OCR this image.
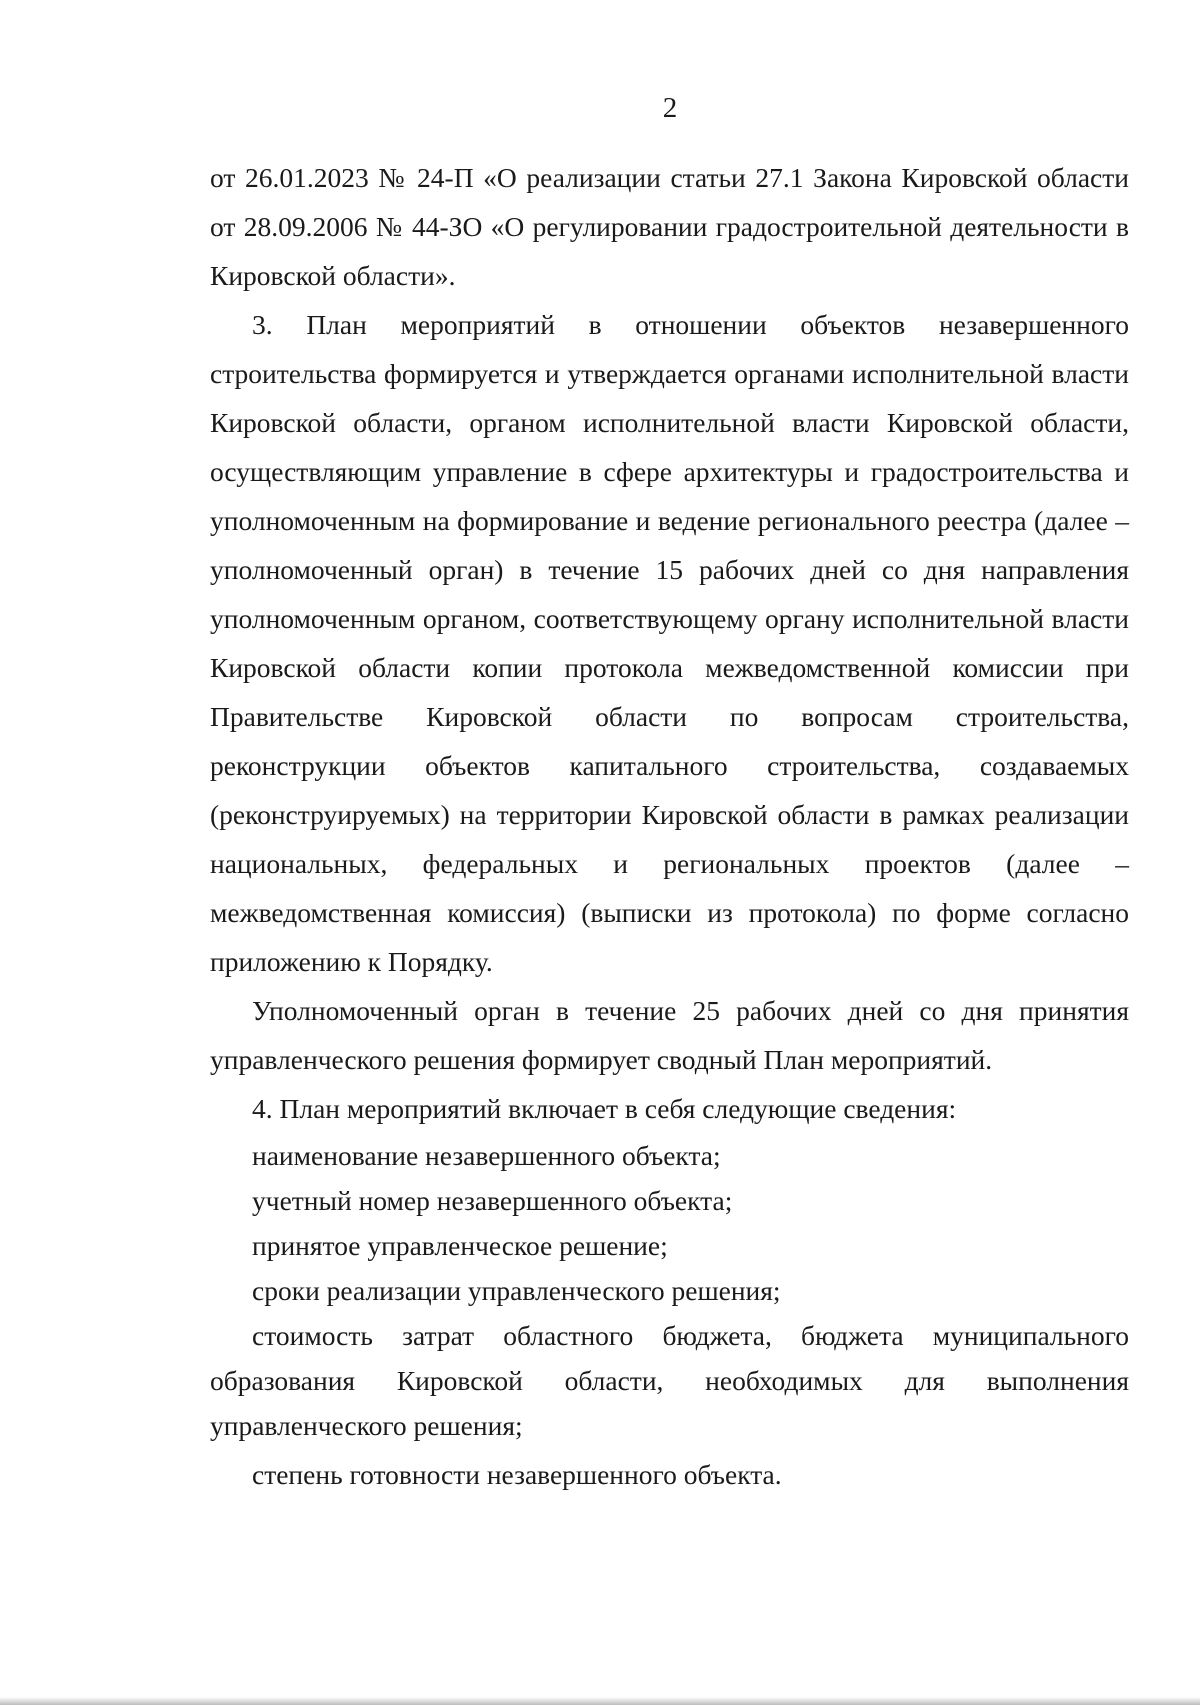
2

от 26.01.2023 № 24-П «О реализации статьи 27.1 Закона Кировской области от 28.09.2006 № 44-ЗО «О регулировании градостроительной деятельности в Кировской области».

3. План мероприятий в отношении объектов незавершенного строительства формируется и утверждается органами исполнительной власти Кировской области, органом исполнительной власти Кировской области, осуществляющим управление в сфере архитектуры и градостроительства и уполномоченным на формирование и ведение регионального реестра (далее – уполномоченный орган) в течение 15 рабочих дней со дня направления уполномоченным органом, соответствующему органу исполнительной власти Кировской области копии протокола межведомственной комиссии при Правительстве Кировской области по вопросам строительства, реконструкции объектов капитального строительства, создаваемых (реконструируемых) на территории Кировской области в рамках реализации национальных, федеральных и региональных проектов (далее – межведомственная комиссия) (выписки из протокола) по форме согласно приложению к Порядку.

Уполномоченный орган в течение 25 рабочих дней со дня принятия управленческого решения формирует сводный План мероприятий.

4. План мероприятий включает в себя следующие сведения:

наименование незавершенного объекта;

учетный номер незавершенного объекта;

принятое управленческое решение;

сроки реализации управленческого решения;

стоимость затрат областного бюджета, бюджета муниципального образования Кировской области, необходимых для выполнения управленческого решения;

степень готовности незавершенного объекта.
